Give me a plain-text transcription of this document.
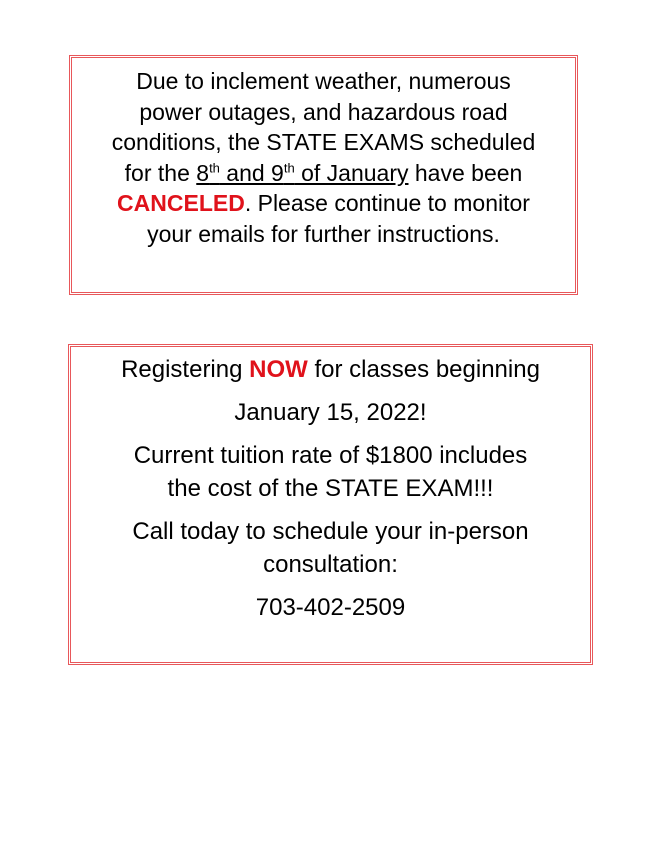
Due to inclement weather, numerous

power outages, and hazardous road

conditions, the STATE EXAMS scheduled

for the 8th and 9th of January have been

CANCELED. Please continue to monitor

your emails for further instructions.

Registering NOW for classes beginning

January 15, 2022!

Current tuition rate of $1800 includes

the cost of the STATE EXAM!!!

Call today to schedule your in-person

consultation:

703-402-2509
